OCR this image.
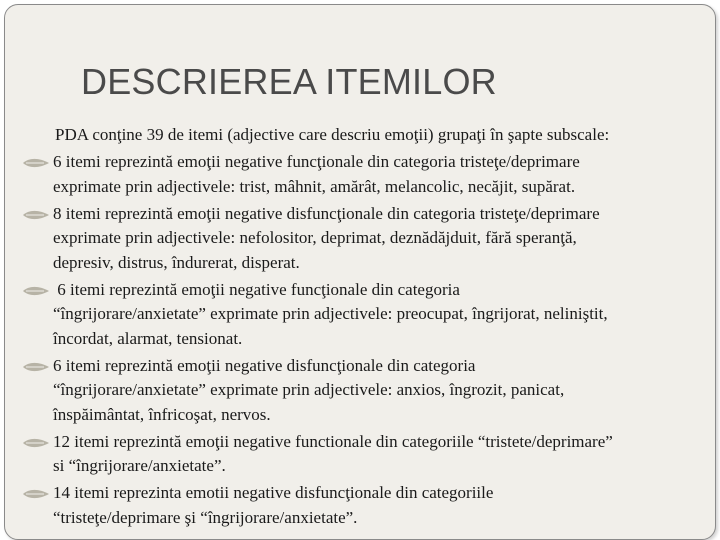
DESCRIEREA ITEMILOR
PDA conţine 39 de itemi (adjective care descriu emoţii) grupaţi în şapte subscale:
6 itemi reprezintă emoţii negative funcţionale din categoria tristeţe/deprimare
exprimate prin adjectivele: trist, mâhnit, amărât, melancolic, necăjit, supărat.
8 itemi reprezintă emoţii negative disfuncţionale din categoria tristeţe/deprimare
exprimate prin adjectivele: nefolositor, deprimat, deznădăjduit, fără speranţă,
depresiv, distrus, îndurerat, disperat.
6 itemi reprezintă emoţii negative funcţionale din categoria
“îngrijorare/anxietate” exprimate prin adjectivele: preocupat, îngrijorat, neliniştit,
încordat, alarmat, tensionat.
6 itemi reprezintă emoţii negative disfuncţionale din categoria
“îngrijorare/anxietate” exprimate prin adjectivele: anxios, îngrozit, panicat,
înspăimântat, înfricoşat, nervos.
12 itemi reprezintă emoţii negative functionale din categoriile “tristete/deprimare”
si “îngrijorare/anxietate”.
14 itemi reprezinta emotii negative disfuncţionale din categoriile
“tristeţe/deprimare şi “îngrijorare/anxietate”.
